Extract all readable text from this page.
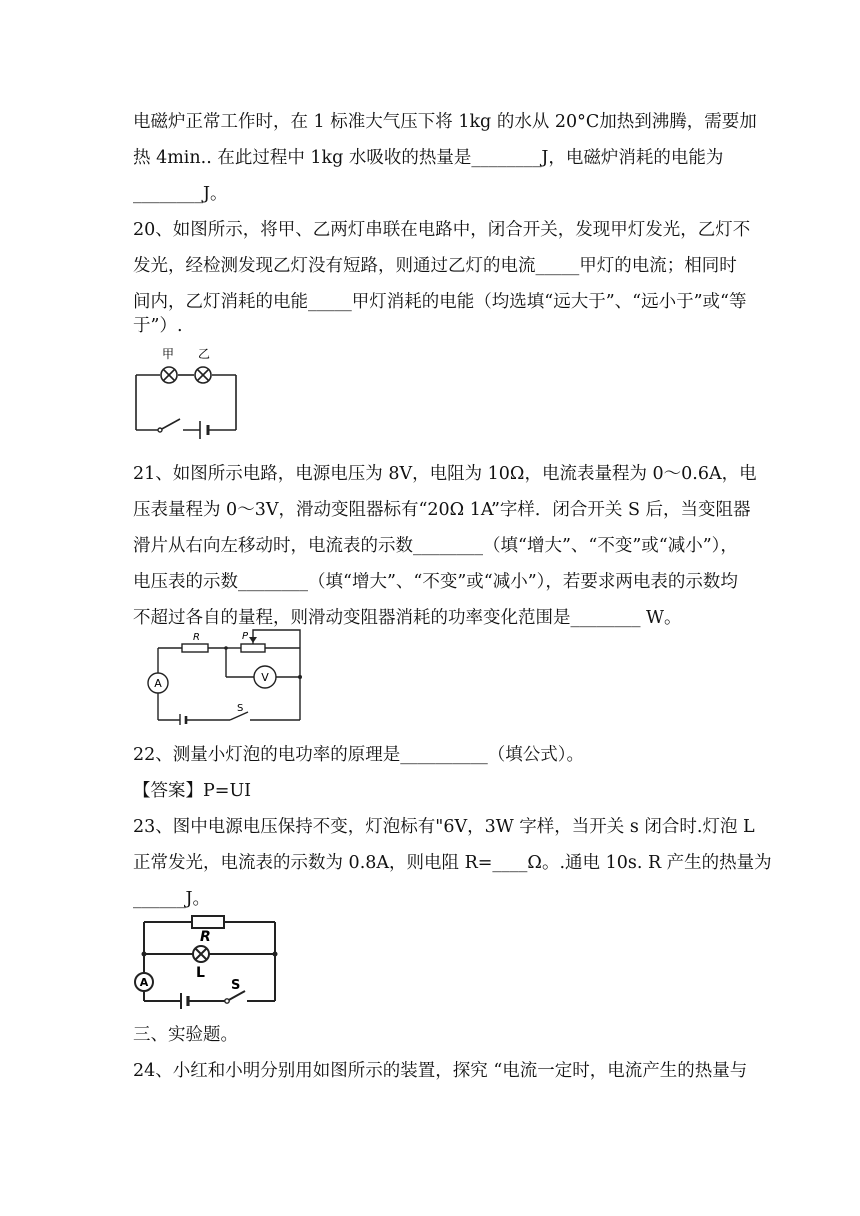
电磁炉正常工作时，在 1 标准大气压下将 1kg 的水从 20°C加热到沸腾，需要加
热 4min.. 在此过程中 1kg 水吸收的热量是________J，电磁炉消耗的电能为
________J。
20、如图所示，将甲、乙两灯串联在电路中，闭合开关，发现甲灯发光，乙灯不
发光，经检测发现乙灯没有短路，则通过乙灯的电流_____甲灯的电流；相同时
间内，乙灯消耗的电能_____甲灯消耗的电能（均选填“远大于”、“远小于”或“等
于”）.
甲 乙
21、如图所示电路，电源电压为 8V，电阻为 10Ω，电流表量程为 0～0.6A，电
压表量程为 0～3V，滑动变阻器标有“20Ω 1A”字样．闭合开关 S 后，当变阻器
滑片从右向左移动时，电流表的示数________（填“增大”、“不变”或“减小”），
电压表的示数________（填“增大”、“不变”或“减小”），若要求两电表的示数均
不超过各自的量程，则滑动变阻器消耗的功率变化范围是________ W。
A	V
R	P
S
22、测量小灯泡的电功率的原理是__________（填公式）。
【答案】P=UI
23、图中电源电压保持不变，灯泡标有"6V，3W 字样，当开关 s 闭合时.灯泡 L
正常发光，电流表的示数为 0.8A，则电阻 R=____Ω。.通电 10s. R 产生的热量为
______J。
A
R
L
S
三、实验题。
24、小红和小明分别用如图所示的装置，探究 “电流一定时，电流产生的热量与
